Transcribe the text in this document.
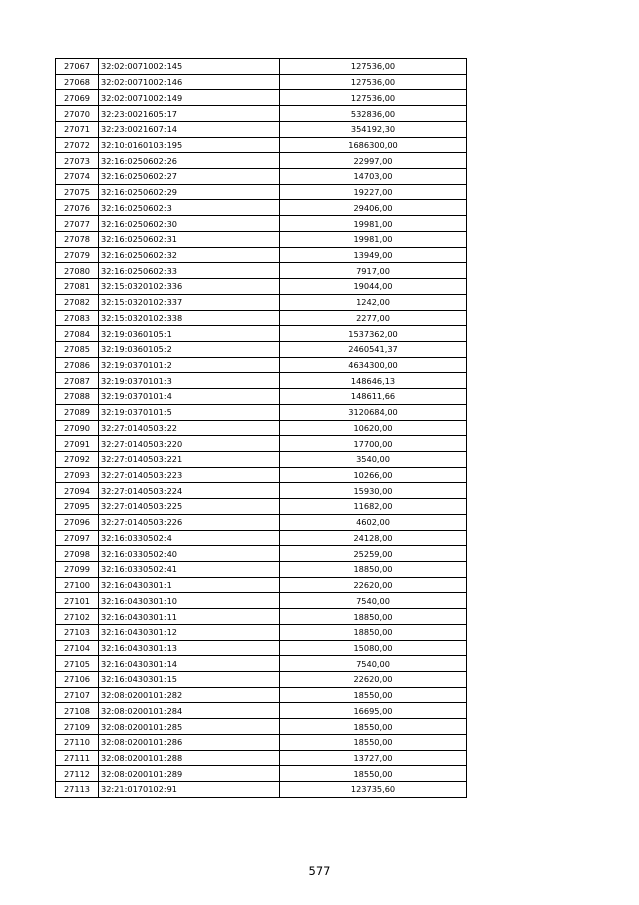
27067	32:02:0071002:145	127536,00
27068	32:02:0071002:146	127536,00
27069	32:02:0071002:149	127536,00
27070	32:23:0021605:17	532836,00
27071	32:23:0021607:14	354192,30
27072	32:10:0160103:195	1686300,00
27073	32:16:0250602:26	22997,00
27074	32:16:0250602:27	14703,00
27075	32:16:0250602:29	19227,00
27076	32:16:0250602:3	29406,00
27077	32:16:0250602:30	19981,00
27078	32:16:0250602:31	19981,00
27079	32:16:0250602:32	13949,00
27080	32:16:0250602:33	7917,00
27081	32:15:0320102:336	19044,00
27082	32:15:0320102:337	1242,00
27083	32:15:0320102:338	2277,00
27084	32:19:0360105:1	1537362,00
27085	32:19:0360105:2	2460541,37
27086	32:19:0370101:2	4634300,00
27087	32:19:0370101:3	148646,13
27088	32:19:0370101:4	148611,66
27089	32:19:0370101:5	3120684,00
27090	32:27:0140503:22	10620,00
27091	32:27:0140503:220	17700,00
27092	32:27:0140503:221	3540,00
27093	32:27:0140503:223	10266,00
27094	32:27:0140503:224	15930,00
27095	32:27:0140503:225	11682,00
27096	32:27:0140503:226	4602,00
27097	32:16:0330502:4	24128,00
27098	32:16:0330502:40	25259,00
27099	32:16:0330502:41	18850,00
27100	32:16:0430301:1	22620,00
27101	32:16:0430301:10	7540,00
27102	32:16:0430301:11	18850,00
27103	32:16:0430301:12	18850,00
27104	32:16:0430301:13	15080,00
27105	32:16:0430301:14	7540,00
27106	32:16:0430301:15	22620,00
27107	32:08:0200101:282	18550,00
27108	32:08:0200101:284	16695,00
27109	32:08:0200101:285	18550,00
27110	32:08:0200101:286	18550,00
27111	32:08:0200101:288	13727,00
27112	32:08:0200101:289	18550,00
27113	32:21:0170102:91	123735,60
577
